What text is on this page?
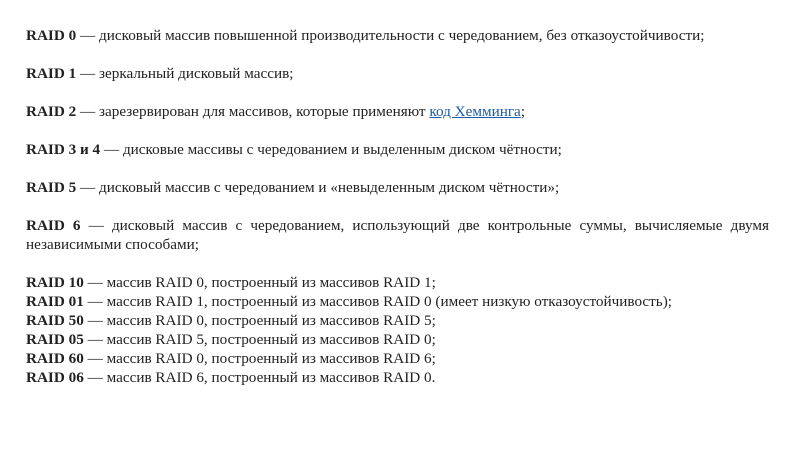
RAID 0 — дисковый массив повышенной производительности с чередованием, без отказоустойчивости;

RAID 1 — зеркальный дисковый массив;

RAID 2 — зарезервирован для массивов, которые применяют код Хемминга;

RAID 3 и 4 — дисковые массивы с чередованием и выделенным диском чётности;

RAID 5 — дисковый массив с чередованием и «невыделенным диском чётности»;

RAID 6 — дисковый массив с чередованием, использующий две контрольные суммы, вычисляемые двумя независимыми способами;

RAID 10 — массив RAID 0, построенный из массивов RAID 1;
RAID 01 — массив RAID 1, построенный из массивов RAID 0 (имеет низкую отказоустойчивость);
RAID 50 — массив RAID 0, построенный из массивов RAID 5;
RAID 05 — массив RAID 5, построенный из массивов RAID 0;
RAID 60 — массив RAID 0, построенный из массивов RAID 6;
RAID 06 — массив RAID 6, построенный из массивов RAID 0.
